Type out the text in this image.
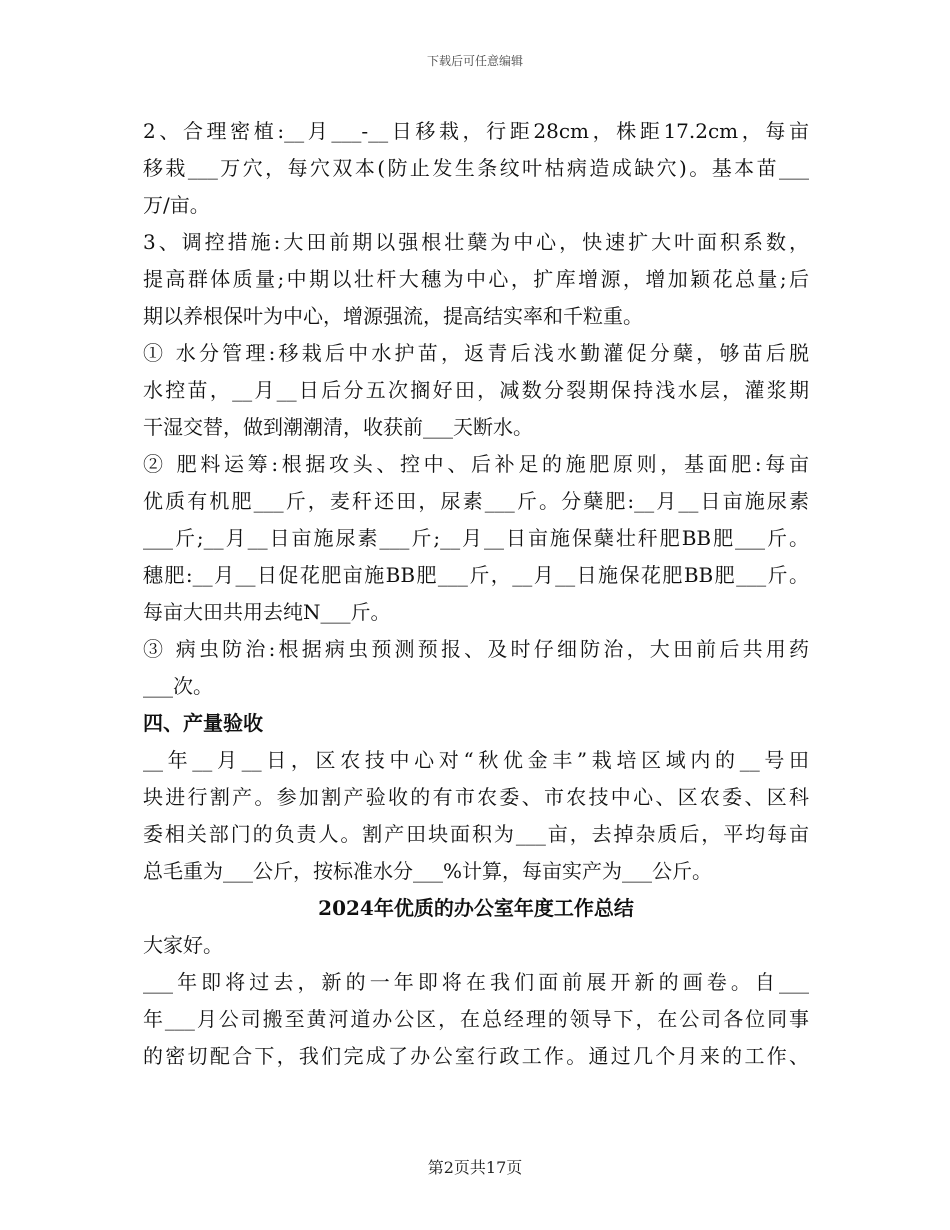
下载后可任意编辑

2、合理密植:__月___-__日移栽，行距28cm，株距17.2cm，每亩

移栽___万穴，每穴双本(防止发生条纹叶枯病造成缺穴)。基本苗___

万/亩。

3、调控措施:大田前期以强根壮蘖为中心，快速扩大叶面积系数，

提高群体质量;中期以壮杆大穗为中心，扩库增源，增加颖花总量;后

期以养根保叶为中心，增源强流，提高结实率和千粒重。

① 水分管理:移栽后中水护苗，返青后浅水勤灌促分蘖，够苗后脱

水控苗，__月__日后分五次搁好田，减数分裂期保持浅水层，灌浆期

干湿交替，做到潮潮清，收获前___天断水。

② 肥料运筹:根据攻头、控中、后补足的施肥原则，基面肥:每亩

优质有机肥___斤，麦秆还田，尿素___斤。分蘖肥:__月__日亩施尿素

___斤;__月__日亩施尿素___斤;__月__日亩施保蘖壮秆肥BB肥___斤。

穗肥:__月__日促花肥亩施BB肥___斤，__月__日施保花肥BB肥___斤。

每亩大田共用去纯N___斤。

③ 病虫防治:根据病虫预测预报、及时仔细防治，大田前后共用药

___次。

四、产量验收

__年__月__日，区农技中心对“秋优金丰”栽培区域内的__号田

块进行割产。参加割产验收的有市农委、市农技中心、区农委、区科

委相关部门的负责人。割产田块面积为___亩，去掉杂质后，平均每亩

总毛重为___公斤，按标准水分___%计算，每亩实产为___公斤。

2024年优质的办公室年度工作总结

大家好。

___年即将过去，新的一年即将在我们面前展开新的画卷。自___

年___月公司搬至黄河道办公区，在总经理的领导下，在公司各位同事

的密切配合下，我们完成了办公室行政工作。通过几个月来的工作、

第2页共17页
